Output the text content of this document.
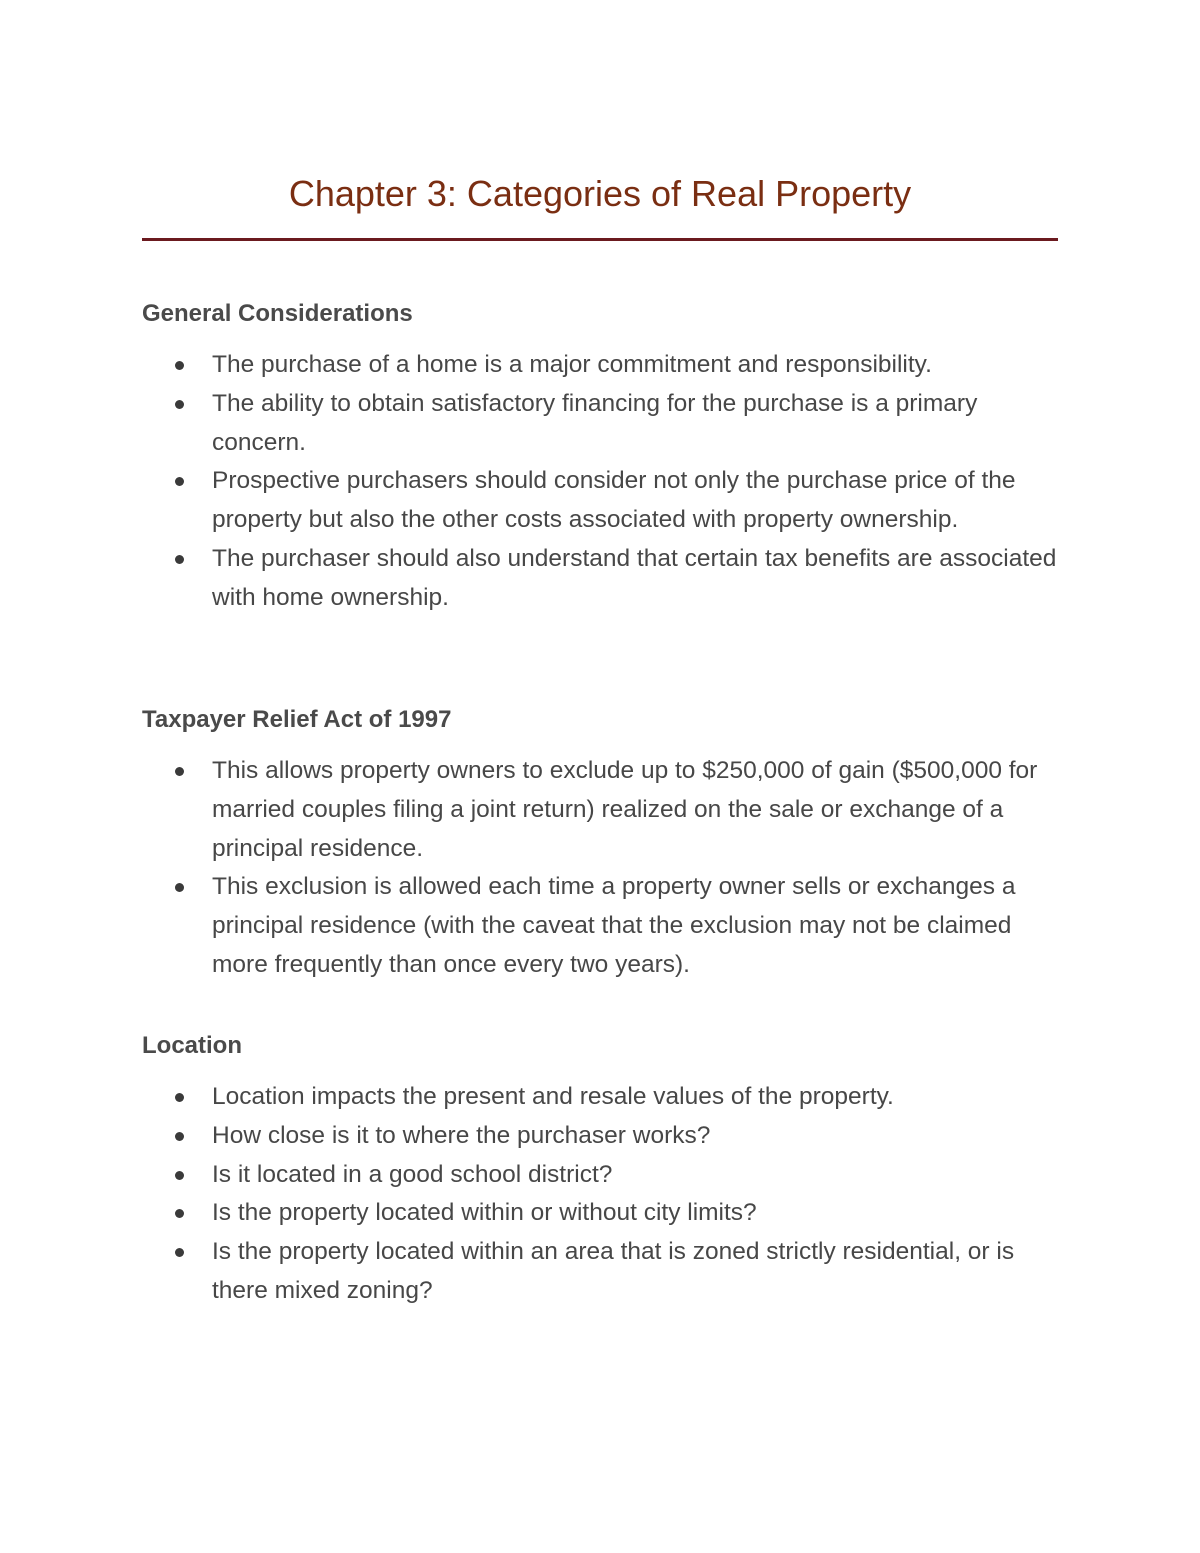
Chapter 3: Categories of Real Property
General Considerations
The purchase of a home is a major commitment and responsibility.
The ability to obtain satisfactory financing for the purchase is a primary concern.
Prospective purchasers should consider not only the purchase price of the property but also the other costs associated with property ownership.
The purchaser should also understand that certain tax benefits are associated with home ownership.
Taxpayer Relief Act of 1997
This allows property owners to exclude up to $250,000 of gain ($500,000 for married couples filing a joint return) realized on the sale or exchange of a principal residence.
This exclusion is allowed each time a property owner sells or exchanges a principal residence (with the caveat that the exclusion may not be claimed more frequently than once every two years).
Location
Location impacts the present and resale values of the property.
How close is it to where the purchaser works?
Is it located in a good school district?
Is the property located within or without city limits?
Is the property located within an area that is zoned strictly residential, or is there mixed zoning?
